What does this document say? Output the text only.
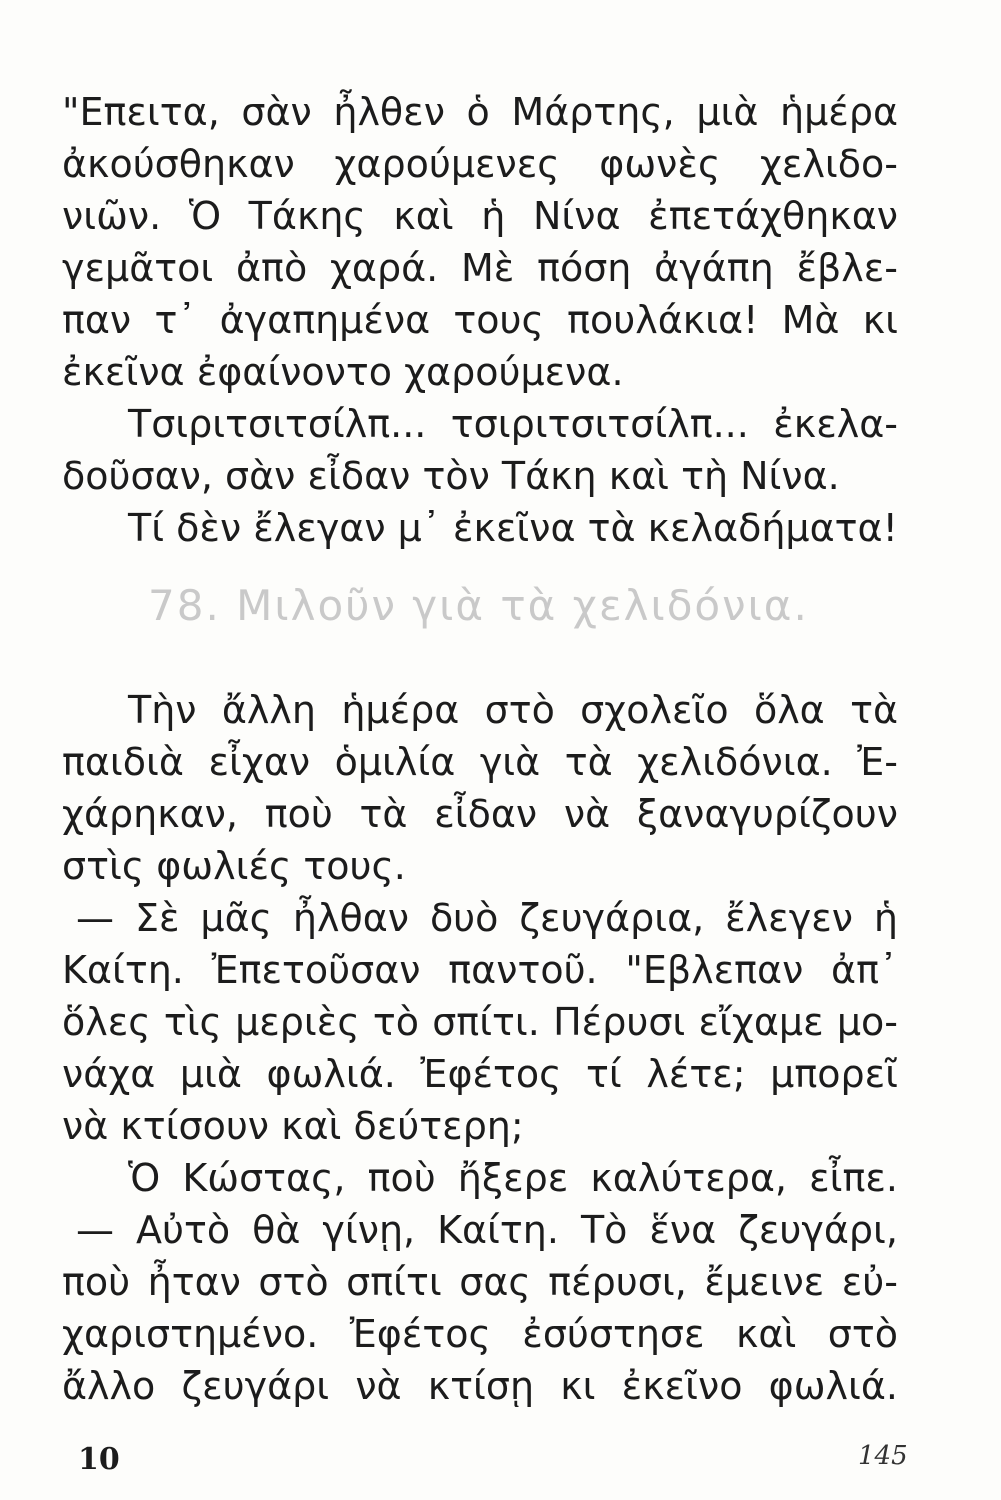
"Επειτα, σὰν ἦλθεν ὁ Μάρτης, μιὰ ἡμέρα
ἀκούσθηκαν χαρούμενες φωνὲς χελιδο-
νιῶν. Ὁ Τάκης καὶ ἡ Νίνα ἐπετάχθηκαν
γεμᾶτοι ἀπὸ χαρά. Μὲ πόση ἀγάπη ἔβλε-
παν τ᾽ ἀγαπημένα τους πουλάκια! Μὰ κι
ἐκεῖνα ἐφαίνοντο χαρούμενα.
Τσιριτσιτσίλπ... τσιριτσιτσίλπ... ἐκελα-
δοῦσαν, σὰν εἶδαν τὸν Τάκη καὶ τὴ Νίνα.
Τί δὲν ἔλεγαν μ᾽ ἐκεῖνα τὰ κελαδήματα!
78. Μιλοῦν γιὰ τὰ χελιδόνια.
Τὴν ἄλλη ἡμέρα στὸ σχολεῖο ὅλα τὰ
παιδιὰ εἶχαν ὁμιλία γιὰ τὰ χελιδόνια. Ἐ-
χάρηκαν, ποὺ τὰ εἶδαν νὰ ξαναγυρίζουν
στὶς φωλιές τους.
— Σὲ μᾶς ἦλθαν δυὸ ζευγάρια, ἔλεγεν ἡ
Καίτη. Ἐπετοῦσαν παντοῦ. "Εβλεπαν ἀπ᾽
ὅλες τὶς μεριὲς τὸ σπίτι. Πέρυσι εἴχαμε μο-
νάχα μιὰ φωλιά. Ἐφέτος τί λέτε; μπορεῖ
νὰ κτίσουν καὶ δεύτερη;
Ὁ Κώστας, ποὺ ἤξερε καλύτερα, εἶπε.
— Αὐτὸ θὰ γίνῃ, Καίτη. Τὸ ἕνα ζευγάρι,
ποὺ ἦταν στὸ σπίτι σας πέρυσι, ἔμεινε εὐ-
χαριστημένο. Ἐφέτος ἐσύστησε καὶ στὸ
ἄλλο ζευγάρι νὰ κτίσῃ κι ἐκεῖνο φωλιά.
10	145
